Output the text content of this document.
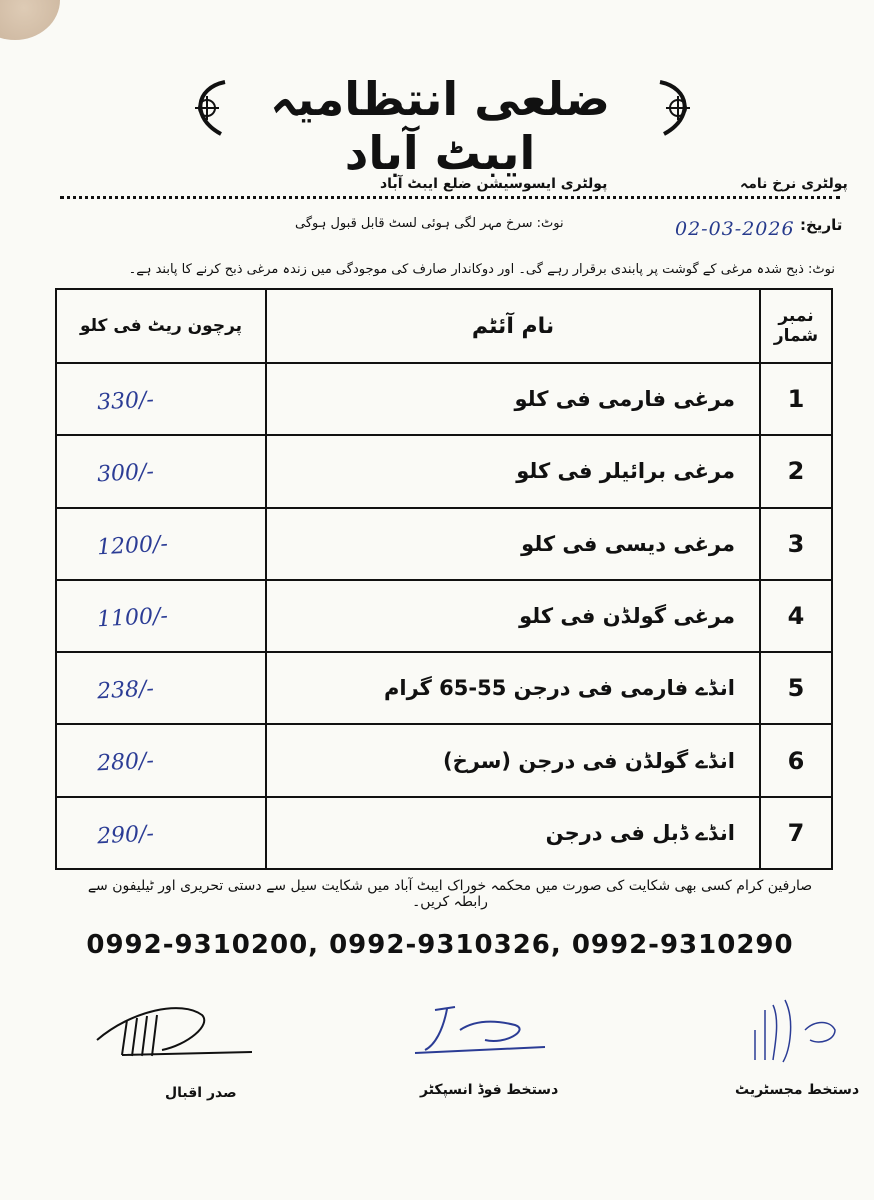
ضلعی انتظامیہ ایبٹ آباد
پولٹری نرخ نامہ
پولٹری ایسوسیشن ضلع ایبٹ آباد
تاریخ:
02-03-2026
نوٹ: سرخ مہر لگی ہوئی لسٹ قابل قبول ہوگی
نوٹ: ذبح شدہ مرغی کے گوشت پر پابندی برقرار رہے گی۔ اور دوکاندار صارف کی موجودگی میں زندہ مرغی ذبح کرنے کا پابند ہے۔
پرچون ریٹ فی کلو	نام آئٹم	نمبر شمار
330/-	مرغی فارمی فی کلو	1
300/-	مرغی برائیلر فی کلو	2
1200/-	مرغی دیسی فی کلو	3
1100/-	مرغی گولڈن فی کلو	4
238/-	انڈے فارمی فی درجن 55-65 گرام	5
280/-	انڈے گولڈن فی درجن (سرخ)	6
290/-	انڈے ڈبل فی درجن	7
صارفین کرام کسی بھی شکایت کی صورت میں محکمہ خوراک ایبٹ آباد میں شکایت سیل سے دستی تحریری اور ٹیلیفون سے رابطہ کریں۔
0992-9310200, 0992-9310326, 0992-9310290
صدر اقبال	دستخط فوڈ انسپکٹر	دستخط مجسٹریٹ
